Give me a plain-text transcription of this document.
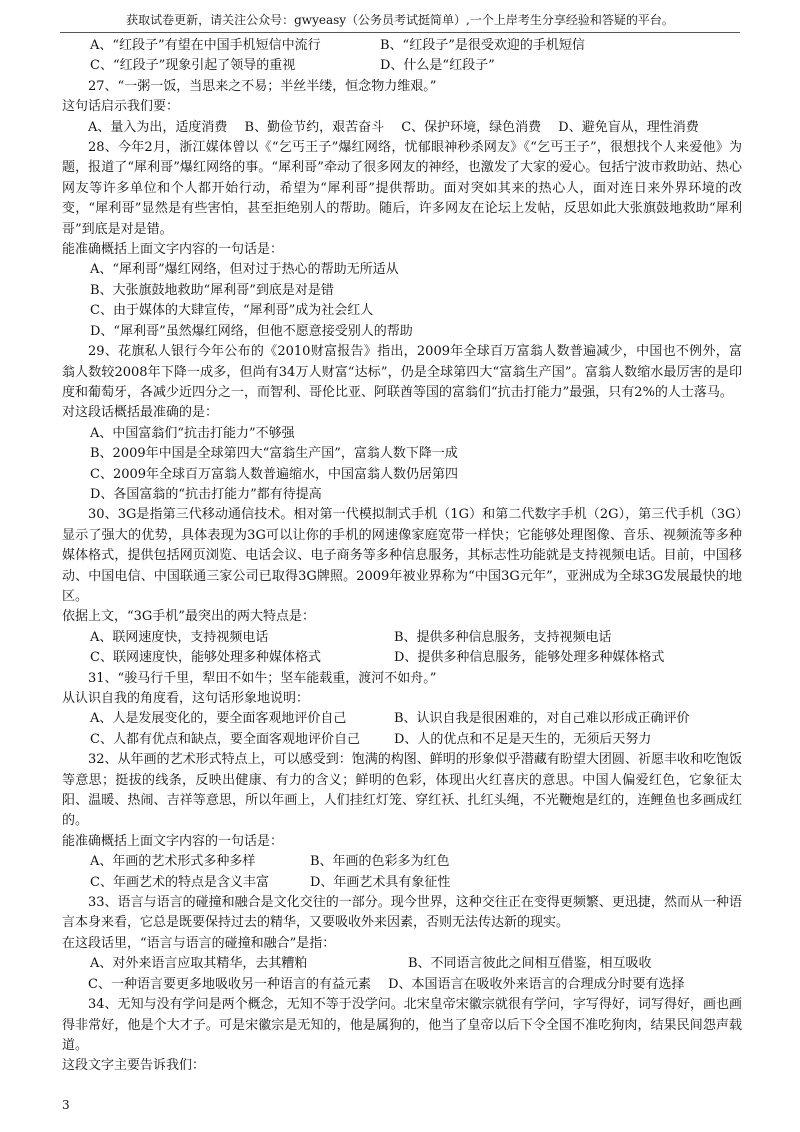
获取试卷更新，请关注公众号：gwyeasy（公务员考试挺简单）,一个上岸考生分享经验和答疑的平台。
A、“红段子”有望在中国手机短信中流行	B、“红段子”是很受欢迎的手机短信
C、“红段子”现象引起了领导的重视	D、什么是“红段子”

27、“一粥一饭，当思来之不易；半丝半缕，恒念物力维艰。”

这句话启示我们要：

A、量入为出，适度消费　 B、勤俭节约，艰苦奋斗　 C、保护环境，绿色消费　 D、避免盲从，理性消费

28、今年2月，浙江媒体曾以《“乞丐王子”爆红网络，忧郁眼神秒杀网友》《“乞丐王子”，很想找个人来爱他》为题，报道了“犀利哥”爆红网络的事。“犀利哥”牵动了很多网友的神经，也激发了大家的爱心。包括宁波市救助站、热心网友等许多单位和个人都开始行动，希望为“犀利哥”提供帮助。面对突如其来的热心人，面对连日来外界环境的改变，“犀利哥”显然是有些害怕，甚至拒绝别人的帮助。随后，许多网友在论坛上发帖，反思如此大张旗鼓地救助“犀利哥”到底是对是错。

能准确概括上面文字内容的一句话是：

A、“犀利哥”爆红网络，但对过于热心的帮助无所适从

B、大张旗鼓地救助“犀利哥”到底是对是错

C、由于媒体的大肆宣传，“犀利哥”成为社会红人

D、“犀利哥”虽然爆红网络，但他不愿意接受别人的帮助

29、花旗私人银行今年公布的《2010财富报告》指出，2009年全球百万富翁人数普遍减少，中国也不例外，富翁人数较2008年下降一成多，但尚有34万人财富“达标”，仍是全球第四大“富翁生产国”。富翁人数缩水最厉害的是印度和葡萄牙，各减少近四分之一，而智利、哥伦比亚、阿联酋等国的富翁们“抗击打能力”最强，只有2%的人士落马。

对这段话概括最准确的是：

A、中国富翁们“抗击打能力”不够强

B、2009年中国是全球第四大“富翁生产国”，富翁人数下降一成

C、2009年全球百万富翁人数普遍缩水，中国富翁人数仍居第四

D、各国富翁的“抗击打能力”都有待提高

30、3G是指第三代移动通信技术。相对第一代模拟制式手机（1G）和第二代数字手机（2G），第三代手机（3G）显示了强大的优势，具体表现为3G可以让你的手机的网速像家庭宽带一样快；它能够处理图像、音乐、视频流等多种媒体格式，提供包括网页浏览、电话会议、电子商务等多种信息服务，其标志性功能就是支持视频电话。目前，中国移动、中国电信、中国联通三家公司已取得3G牌照。2009年被业界称为“中国3G元年”，亚洲成为全球3G发展最快的地区。

依据上文，“3G手机”最突出的两大特点是：

A、联网速度快，支持视频电话	B、提供多种信息服务，支持视频电话
C、联网速度快，能够处理多种媒体格式	D、提供多种信息服务，能够处理多种媒体格式

31、“骏马行千里，犁田不如牛；坚车能载重，渡河不如舟。”

从认识自我的角度看，这句话形象地说明：

A、人是发展变化的，要全面客观地评价自己	B、认识自我是很困难的，对自己难以形成正确评价
C、人都有优点和缺点，要全面客观地评价自己	D、人的优点和不足是天生的，无须后天努力

32、从年画的艺术形式特点上，可以感受到：饱满的构图、鲜明的形象似乎潜藏有盼望大团圆、祈愿丰收和吃饱饭等意思；挺拔的线条，反映出健康、有力的含义；鲜明的色彩，体现出火红喜庆的意思。中国人偏爱红色，它象征太阳、温暖、热闹、吉祥等意思，所以年画上，人们挂红灯笼、穿红袄、扎红头绳，不光鞭炮是红的，连鲤鱼也多画成红的。

能准确概括上面文字内容的一句话是：

A、年画的艺术形式多种多样	B、年画的色彩多为红色
C、年画艺术的特点是含义丰富	D、年画艺术具有象征性

33、语言与语言的碰撞和融合是文化交往的一部分。现今世界，这种交往正在变得更频繁、更迅捷，然而从一种语言本身来看，它总是既要保持过去的精华，又要吸收外来因素，否则无法传达新的现实。

在这段话里，“语言与语言的碰撞和融合”是指：

A、对外来语言应取其精华，去其糟粕	B、不同语言彼此之间相互借鉴，相互吸收

C、一种语言要更多地吸收另一种语言的有益元素　 D、本国语言在吸收外来语言的合理成分时要有选择

34、无知与没有学问是两个概念，无知不等于没学问。北宋皇帝宋徽宗就很有学问，字写得好，词写得好，画也画得非常好，他是个大才子。可是宋徽宗是无知的，他是属狗的，他当了皇帝以后下令全国不准吃狗肉，结果民间怨声载道。

这段文字主要告诉我们：

3
